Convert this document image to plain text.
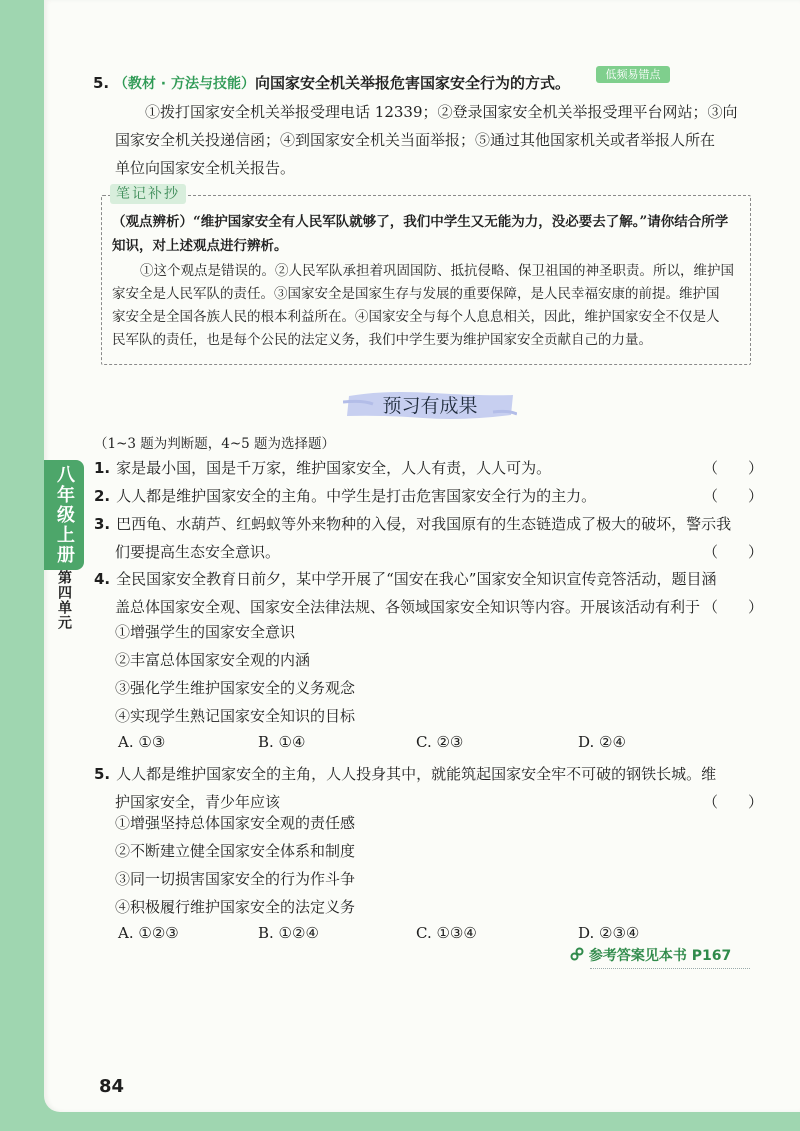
八年级上册
第四单元
5. （教材 · 方法与技能）向国家安全机关举报危害国家安全行为的方式。	低频易错点
①拨打国家安全机关举报受理电话 12339；②登录国家安全机关举报受理平台网站；③向
国家安全机关投递信函；④到国家安全机关当面举报；⑤通过其他国家机关或者举报人所在
单位向国家安全机关报告。
笔记补抄
（观点辨析）“维护国家安全有人民军队就够了，我们中学生又无能为力，没必要去了解。”请你结合所学
知识，对上述观点进行辨析。
①这个观点是错误的。②人民军队承担着巩固国防、抵抗侵略、保卫祖国的神圣职责。所以，维护国
家安全是人民军队的责任。③国家安全是国家生存与发展的重要保障，是人民幸福安康的前提。维护国
家安全是全国各族人民的根本利益所在。④国家安全与每个人息息相关，因此，维护国家安全不仅是人
民军队的责任，也是每个公民的法定义务，我们中学生要为维护国家安全贡献自己的力量。
预习有成果
（1~3 题为判断题，4~5 题为选择题）
1. 家是最小国，国是千万家，维护国家安全，人人有责，人人可为。	（　　）
2. 人人都是维护国家安全的主角。中学生是打击危害国家安全行为的主力。	（　　）
3. 巴西龟、水葫芦、红蚂蚁等外来物种的入侵，对我国原有的生态链造成了极大的破坏，警示我
们要提高生态安全意识。	（　　）
4. 全民国家安全教育日前夕，某中学开展了“国安在我心”国家安全知识宣传竞答活动，题目涵
盖总体国家安全观、国家安全法律法规、各领域国家安全知识等内容。开展该活动有利于 （　　）
①增强学生的国家安全意识
②丰富总体国家安全观的内涵
③强化学生维护国家安全的义务观念
④实现学生熟记国家安全知识的目标
A. ①③	B. ①④	C. ②③	D. ②④
5. 人人都是维护国家安全的主角，人人投身其中，就能筑起国家安全牢不可破的钢铁长城。维
护国家安全，青少年应该	（　　）
①增强坚持总体国家安全观的责任感
②不断建立健全国家安全体系和制度
③同一切损害国家安全的行为作斗争
④积极履行维护国家安全的法定义务
A. ①②③	B. ①②④	C. ①③④	D. ②③④
参考答案见本书 P167
84
